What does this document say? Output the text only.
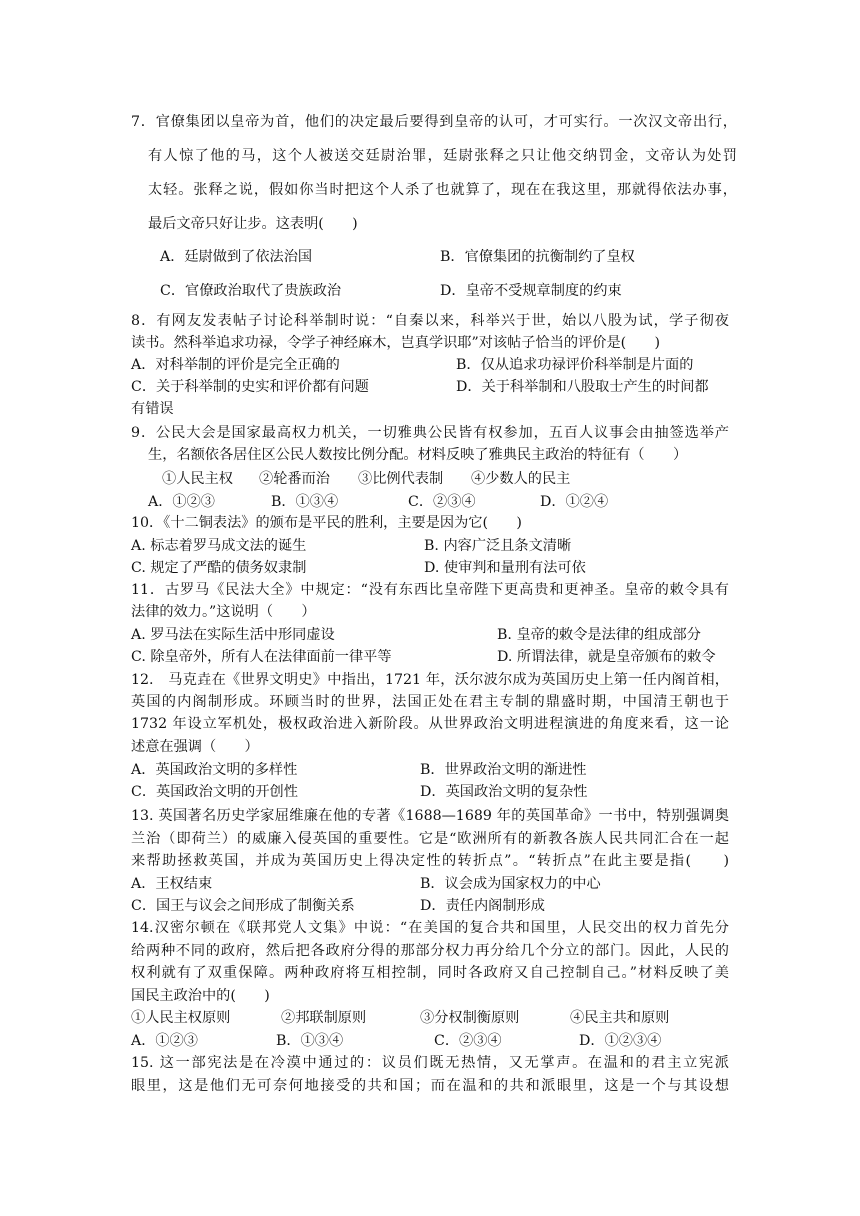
7．官僚集团以皇帝为首，他们的决定最后要得到皇帝的认可，才可实行。一次汉文帝出行，
有人惊了他的马，这个人被送交廷尉治罪，廷尉张释之只让他交纳罚金，文帝认为处罚
太轻。张释之说，假如你当时把这个人杀了也就算了，现在在我这里，那就得依法办事，
最后文帝只好让步。这表明(　　)
A．廷尉做到了依法治国	B．官僚集团的抗衡制约了皇权
C．官僚政治取代了贵族政治	D．皇帝不受规章制度的约束
8．有网友发表帖子讨论科举制时说：“自秦以来，科举兴于世，始以八股为试，学子彻夜
读书。然科举追求功禄，令学子神经麻木，岂真学识耶”对该帖子恰当的评价是(　　)
A．对科举制的评价是完全正确的	B．仅从追求功禄评价科举制是片面的
C．关于科举制的史实和评价都有问题	D．关于科举制和八股取士产生的时间都
有错误
9．公民大会是国家最高权力机关，一切雅典公民皆有权参加，五百人议事会由抽签选举产
生，名额依各居住区公民人数按比例分配。材料反映了雅典民主政治的特征有（　　）
①人民主权 ②轮番而治 ③比例代表制 ④少数人的民主
A．①②③	B．①③④	C．②③④	D．①②④
10．《十二铜表法》的颁布是平民的胜利，主要是因为它(　　)
A. 标志着罗马成文法的诞生	B. 内容广泛且条文清晰
C. 规定了严酷的债务奴隶制	D. 使审判和量刑有法可依
11．古罗马《民法大全》中规定：“没有东西比皇帝陛下更高贵和更神圣。皇帝的敕令具有
法律的效力。”这说明（　　）
A. 罗马法在实际生活中形同虚设	B. 皇帝的敕令是法律的组成部分
C. 除皇帝外，所有人在法律面前一律平等	D. 所谓法律，就是皇帝颁布的敕令
12.　马克垚在《世界文明史》中指出，1721 年，沃尔波尔成为英国历史上第一任内阁首相，
英国的内阁制形成。环顾当时的世界，法国正处在君主专制的鼎盛时期，中国清王朝也于
1732 年设立军机处，极权政治进入新阶段。从世界政治文明进程演进的角度来看，这一论
述意在强调（　　）
A．英国政治文明的多样性	B．世界政治文明的渐进性
C．英国政治文明的开创性	D．英国政治文明的复杂性
13. 英国著名历史学家屈维廉在他的专著《1688—1689 年的英国革命》一书中，特别强调奥
兰治（即荷兰）的威廉入侵英国的重要性。它是“欧洲所有的新教各族人民共同汇合在一起
来帮助拯救英国，并成为英国历史上得决定性的转折点”。“转折点”在此主要是指(　　)
A．王权结束	B．议会成为国家权力的中心
C．国王与议会之间形成了制衡关系	D．责任内阁制形成
14.汉密尔顿在《联邦党人文集》中说：“在美国的复合共和国里，人民交出的权力首先分
给两种不同的政府，然后把各政府分得的那部分权力再分给几个分立的部门。因此，人民的
权利就有了双重保障。两种政府将互相控制，同时各政府又自己控制自己。”材料反映了美
国民主政治中的(　　)
①人民主权原则	②邦联制原则	③分权制衡原则	④民主共和原则
A．①②③	B．①③④	C．②③④	D．①②③④
15. 这一部宪法是在冷漠中通过的：议员们既无热情，又无掌声。在温和的君主立宪派
眼里，这是他们无可奈何地接受的共和国；而在温和的共和派眼里，这是一个与其设想
